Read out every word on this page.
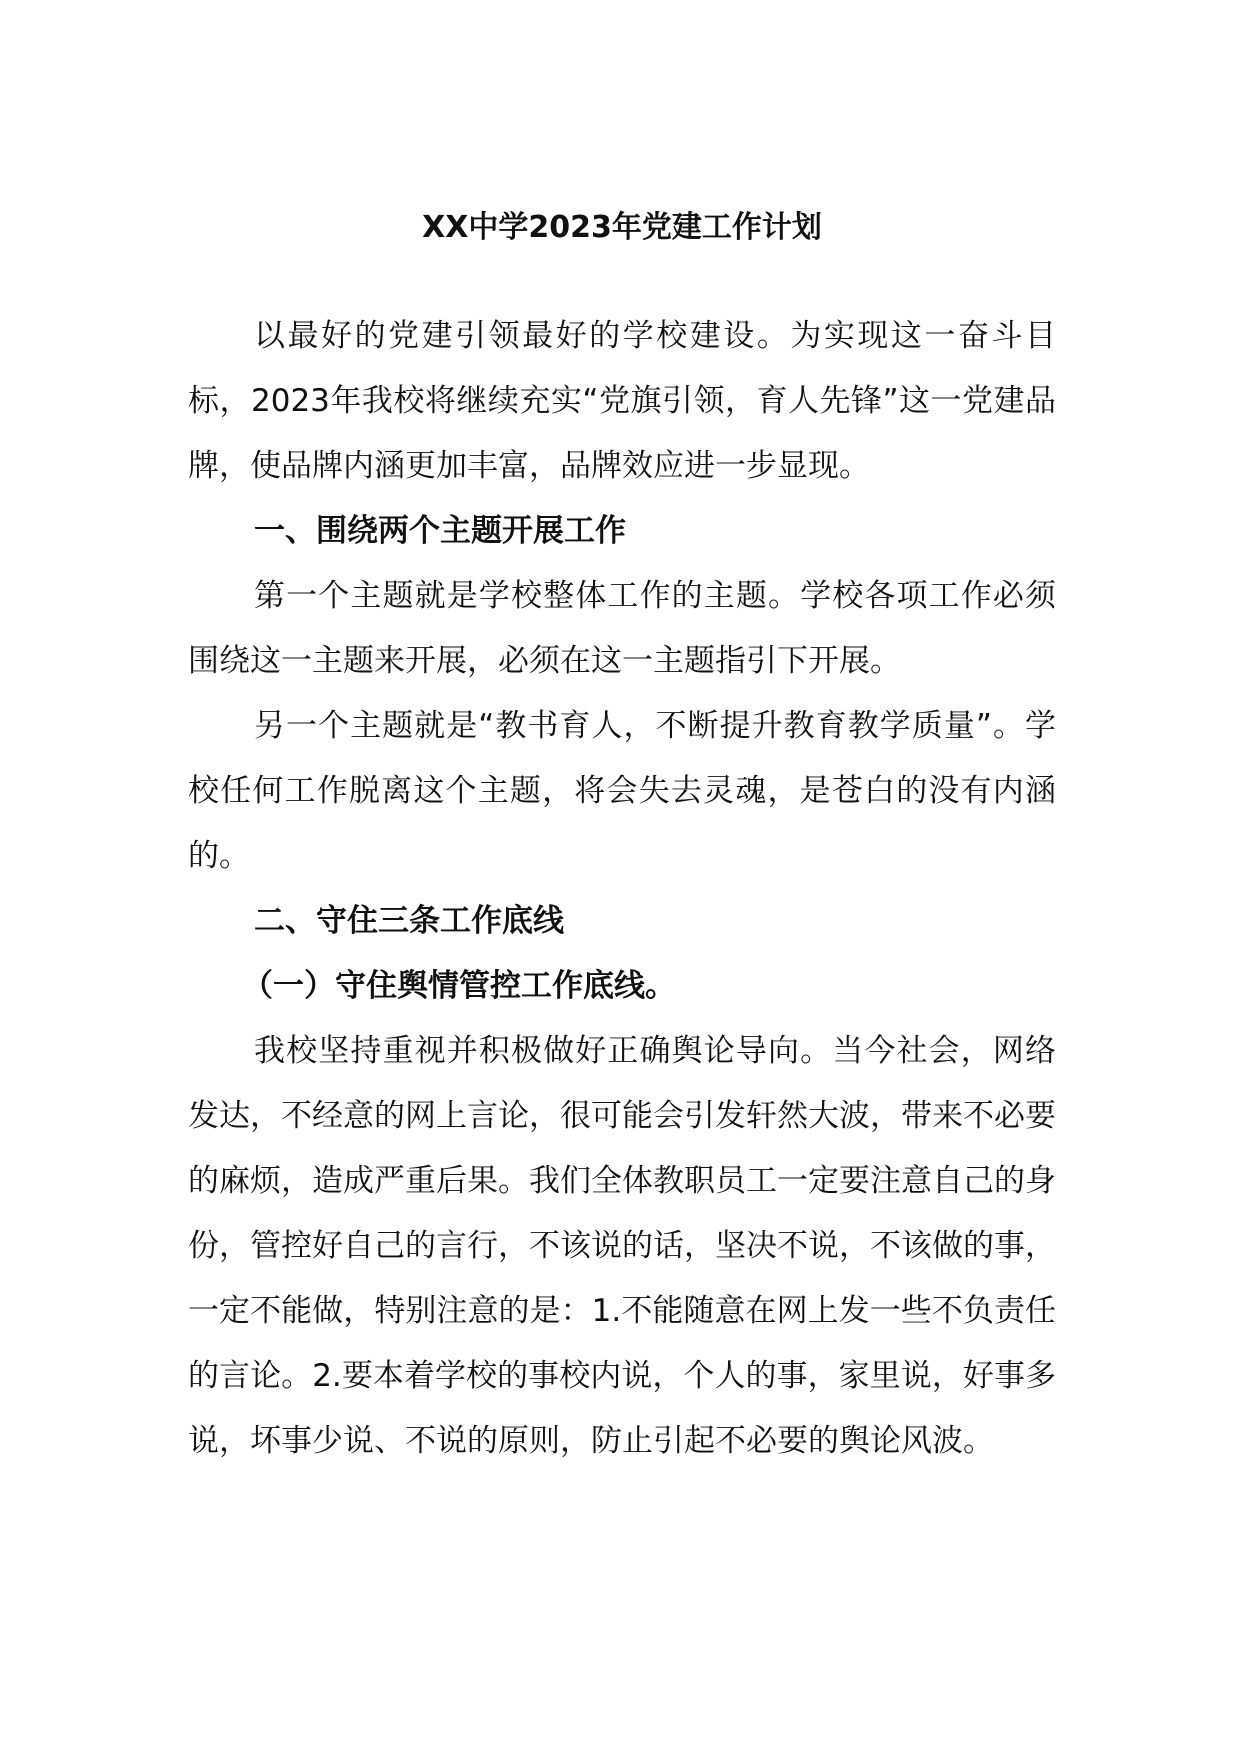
XX中学2023年党建工作计划

以最好的党建引领最好的学校建设。为实现这一奋斗目标，2023年我校将继续充实“党旗引领，育人先锋”这一党建品牌，使品牌内涵更加丰富，品牌效应进一步显现。

一、围绕两个主题开展工作

第一个主题就是学校整体工作的主题。学校各项工作必须围绕这一主题来开展，必须在这一主题指引下开展。

另一个主题就是“教书育人，不断提升教育教学质量”。学校任何工作脱离这个主题，将会失去灵魂，是苍白的没有内涵的。

二、守住三条工作底线

（一）守住舆情管控工作底线。

我校坚持重视并积极做好正确舆论导向。当今社会，网络发达，不经意的网上言论，很可能会引发轩然大波，带来不必要的麻烦，造成严重后果。我们全体教职员工一定要注意自己的身份，管控好自己的言行，不该说的话，坚决不说，不该做的事，一定不能做，特别注意的是：1.不能随意在网上发一些不负责任的言论。2.要本着学校的事校内说，个人的事，家里说，好事多说，坏事少说、不说的原则，防止引起不必要的舆论风波。
